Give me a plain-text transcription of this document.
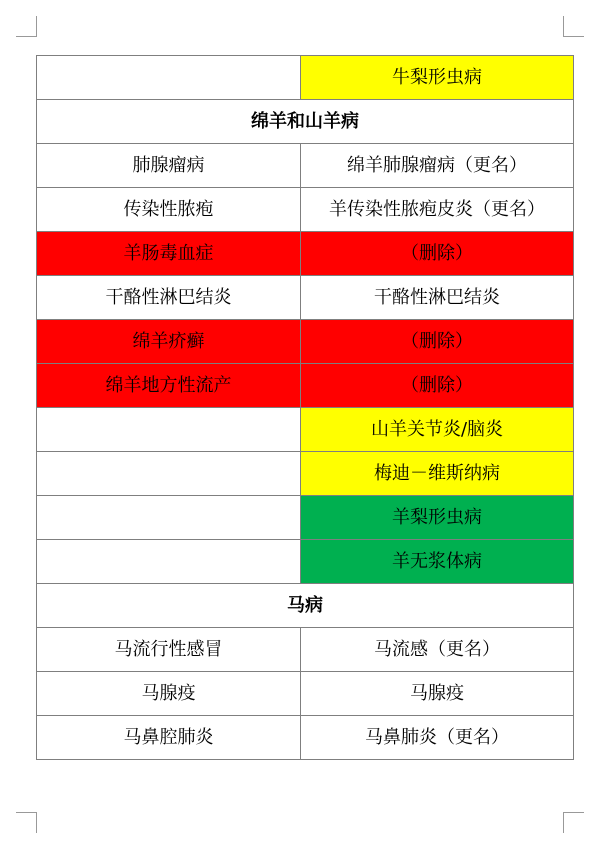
	牛梨形虫病
绵羊和山羊病	
肺腺瘤病	绵羊肺腺瘤病（更名）
传染性脓疱	羊传染性脓疱皮炎（更名）
羊肠毒血症	（删除）
干酪性淋巴结炎	干酪性淋巴结炎
绵羊疥癣	（删除）
绵羊地方性流产	（删除）
	山羊关节炎/脑炎
	梅迪－维斯纳病
	羊梨形虫病
	羊无浆体病
马病	
马流行性感冒	马流感（更名）
马腺疫	马腺疫
马鼻腔肺炎	马鼻肺炎（更名）
